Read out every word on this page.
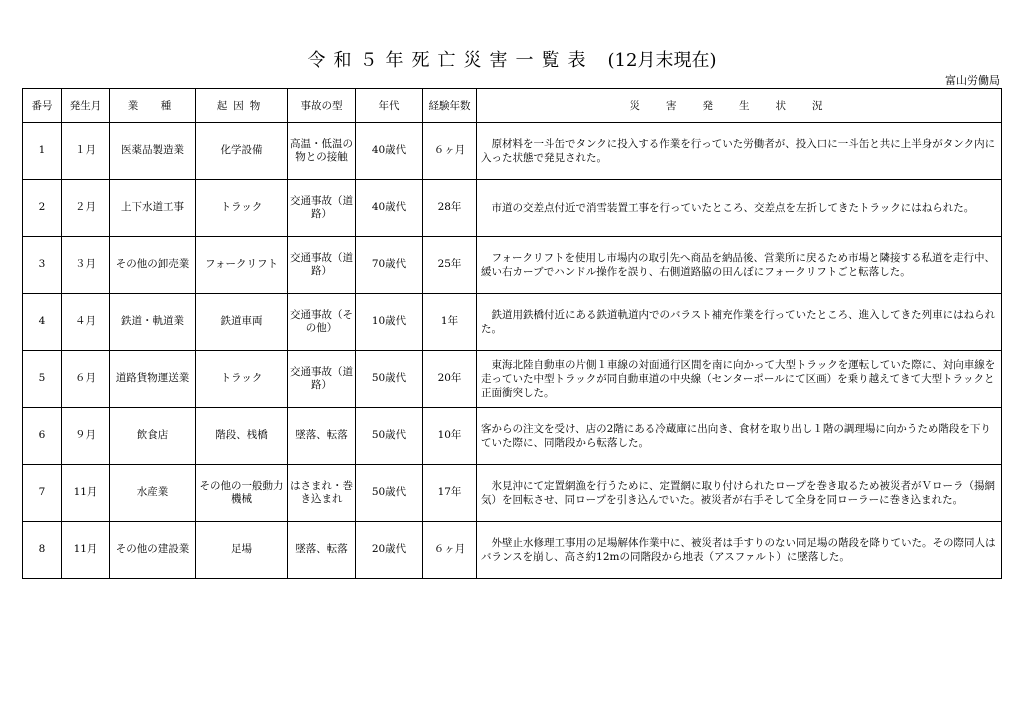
令和５年死亡災害一覧表 (12月末現在)
富山労働局
番号	発生月	業　種	起因物	事故の型	年代	経験年数	災害発生状況
1	１月	医薬品製造業	化学設備	高温・低温の物との接触	40歳代	６ヶ月	　原材料を一斗缶でタンクに投入する作業を行っていた労働者が、投入口に一斗缶と共に上半身がタンク内に入った状態で発見された。
2	２月	上下水道工事	トラック	交通事故（道路）	40歳代	28年	　市道の交差点付近で消雪装置工事を行っていたところ、交差点を左折してきたトラックにはねられた。
3	３月	その他の卸売業	フォークリフト	交通事故（道路）	70歳代	25年	　フォークリフトを使用し市場内の取引先へ商品を納品後、営業所に戻るため市場と隣接する私道を走行中、緩い右カーブでハンドル操作を誤り、右側道路脇の田んぼにフォークリフトごと転落した。
4	４月	鉄道・軌道業	鉄道車両	交通事故（その他）	10歳代	1年	　鉄道用鉄橋付近にある鉄道軌道内でのバラスト補充作業を行っていたところ、進入してきた列車にはねられた。
5	６月	道路貨物運送業	トラック	交通事故（道路）	50歳代	20年	　東海北陸自動車の片側１車線の対面通行区間を南に向かって大型トラックを運転していた際に、対向車線を走っていた中型トラックが同自動車道の中央線（センターポールにて区画）を乗り越えてきて大型トラックと正面衝突した。
6	９月	飲食店	階段、桟橋	墜落、転落	50歳代	10年	客からの注文を受け、店の2階にある冷蔵庫に出向き、食材を取り出し１階の調理場に向かうため階段を下りていた際に、同階段から転落した。
7	11月	水産業	その他の一般動力機械	はさまれ・巻き込まれ	50歳代	17年	　氷見沖にて定置網漁を行うために、定置網に取り付けられたロープを巻き取るため被災者がＶローラ（揚網気）を回転させ、同ロープを引き込んでいた。被災者が右手そして全身を同ローラーに巻き込まれた。
8	11月	その他の建設業	足場	墜落、転落	20歳代	６ヶ月	　外壁止水修理工事用の足場解体作業中に、被災者は手すりのない同足場の階段を降りていた。その際同人はバランスを崩し、高さ約12mの同階段から地表（アスファルト）に墜落した。
